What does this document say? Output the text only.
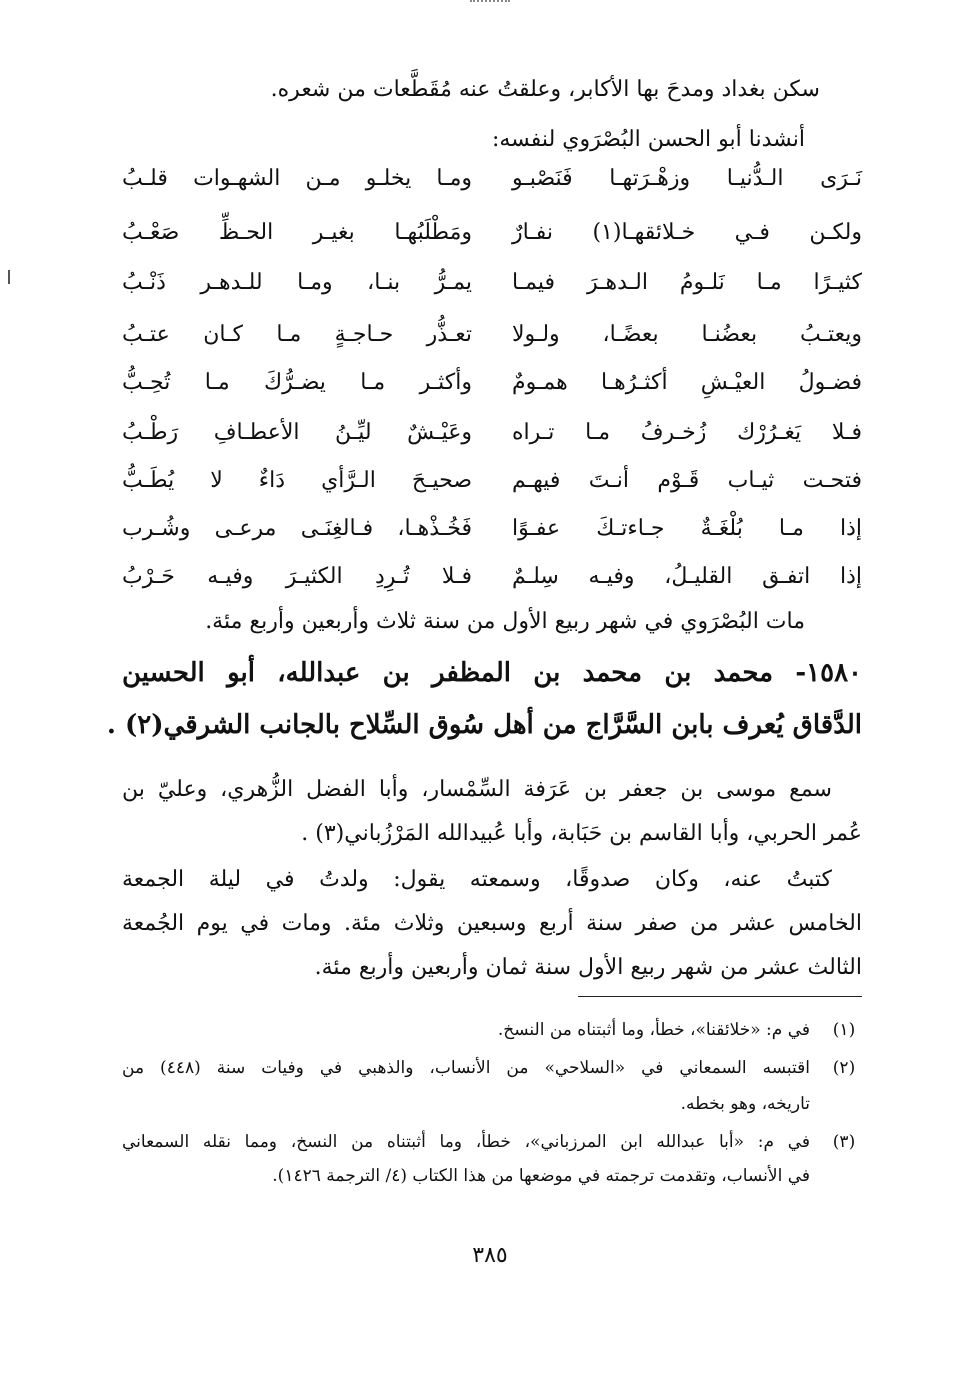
سكن بغداد ومدحَ بها الأكابر، وعلقتُ عنه مُقَطَّعات من شعره.
أنشدنا أبو الحسن البُصْرَوي لنفسه:
نَـرَى الـدُّنيـا وزهْـرَتهـا فَنَصْبـو
ومـا يخلـو مـن الشهـوات قلـبُ
ولكـن فـي خـلائقهـا(١) نفـارٌ
ومَطْلَبُهـا بغيـر الحـظِّ صَعْـبُ
كثيـرًا مـا نَلـومُ الـدهـرَ فيمـا
يمـرُّ بنـا، ومـا للـدهـر ذَنْـبُ
ويعتـبُ بعضُنـا بعضًـا، ولـولا
تعـذُّر حـاجـةٍ مـا كـان عتـبُ
فضـولُ العيْـشِ أكثـرُهـا همـومٌ
وأكثـر مـا يضـرُّكَ مـا تُحِـبُّ
فـلا يَغـرُرْك زُخـرفُ مـا تـراه
وعَيْـشٌ ليِّـنُ الأعطـافِ رَطْـبُ
فتحـت ثيـاب قَـوْم أنـتَ فيهـم
صحيـحَ الـرَّأي دَاءٌ لا يُطَـبُّ
إذا مـا بُلْغَـةٌ جـاءتـكَ عفـوًا
فَخُـذْهـا، فـالغِنَـى مرعـى وشُـرب
إذا اتفـق القليـلُ، وفيـه سِلـمٌ
فـلا تُـرِدِ الكثيـرَ وفيـه حَـرْبُ
مات البُصْرَوي في شهر ربيع الأول من سنة ثلاث وأربعين وأربع مئة.
١٥٨٠- محمد بن محمد بن المظفر بن عبدالله، أبو الحسين
الدَّقاق يُعرف بابن السَّرَّاج من أهل سُوق السِّلاح بالجانب الشرقي(٢) .
سمع موسى بن جعفر بن عَرَفة السِّمْسار، وأبا الفضل الزُّهري، وعليّ بن
عُمر الحربي، وأبا القاسم بن حَبَابة، وأبا عُبيدالله المَرْزُباني(٣) .
كتبتُ عنه، وكان صدوقًا، وسمعته يقول: ولدتُ في ليلة الجمعة
الخامس عشر من صفر سنة أربع وسبعين وثلاث مئة. ومات في يوم الجُمعة
الثالث عشر من شهر ربيع الأول سنة ثمان وأربعين وأربع مئة.
(١)
في م: «خلائقنا»، خطأ، وما أثبتناه من النسخ.
(٢)
اقتبسه السمعاني في «السلاحي» من الأنساب، والذهبي في وفيات سنة (٤٤٨) من
تاريخه، وهو بخطه.
(٣)
في م: «أبا عبدالله ابن المرزباني»، خطأ، وما أثبتناه من النسخ، ومما نقله السمعاني
في الأنساب، وتقدمت ترجمته في موضعها من هذا الكتاب (٤/ الترجمة ١٤٢٦).
٣٨٥
